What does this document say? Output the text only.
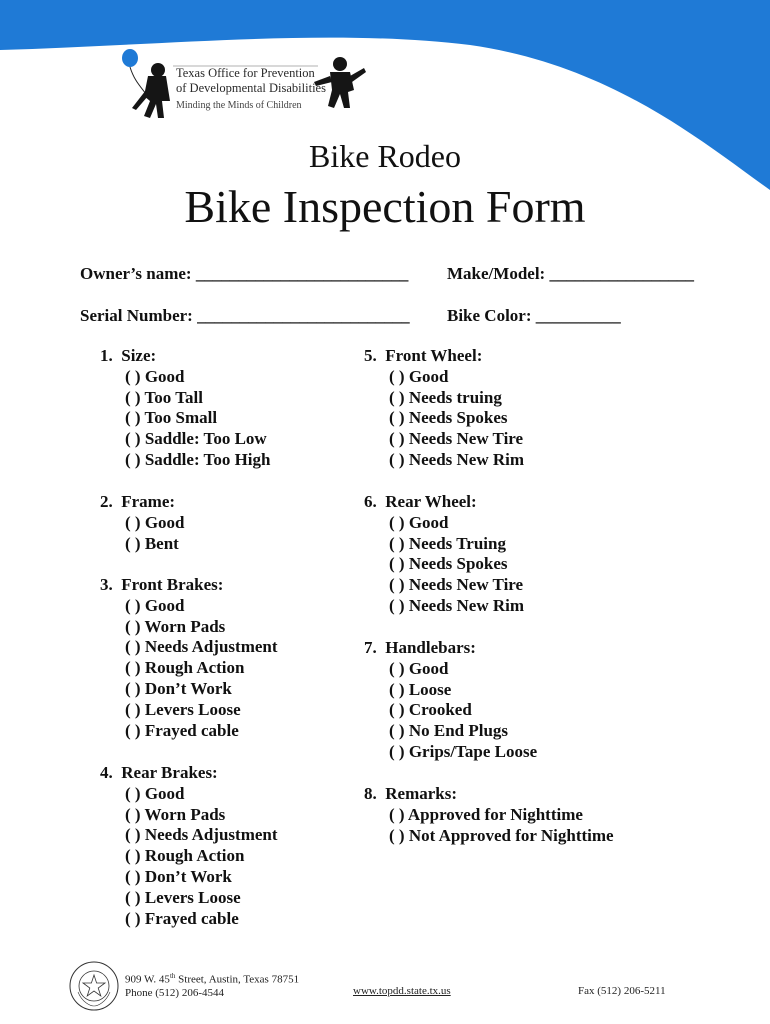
Texas Office for Prevention
of Developmental Disabilities
Minding the Minds of Children
Bike Rodeo
Bike Inspection Form
Owner’s name: _________________________ Make/Model: _________________
Serial Number: _________________________ Bike Color: __________
1.  Size:
( ) Good
( ) Too Tall
( ) Too Small
( ) Saddle: Too Low
( ) Saddle: Too High
2.  Frame:
( ) Good
( ) Bent
3.  Front Brakes:
( ) Good
( ) Worn Pads
( ) Needs Adjustment
( ) Rough Action
( ) Don’t Work
( ) Levers Loose
( ) Frayed cable
4.  Rear Brakes:
( ) Good
( ) Worn Pads
( ) Needs Adjustment
( ) Rough Action
( ) Don’t Work
( ) Levers Loose
( ) Frayed cable
5.  Front Wheel:
( ) Good
( ) Needs truing
( ) Needs Spokes
( ) Needs New Tire
( ) Needs New Rim
6.  Rear Wheel:
( ) Good
( ) Needs Truing
( ) Needs Spokes
( ) Needs New Tire
( ) Needs New Rim
7.  Handlebars:
( ) Good
( ) Loose
( ) Crooked
( ) No End Plugs
( ) Grips/Tape Loose
8.  Remarks:
( ) Approved for Nighttime
( ) Not Approved for Nighttime
909 W. 45th Street, Austin, Texas 78751
Phone (512) 206-4544	www.topdd.state.tx.us	Fax (512) 206-5211
